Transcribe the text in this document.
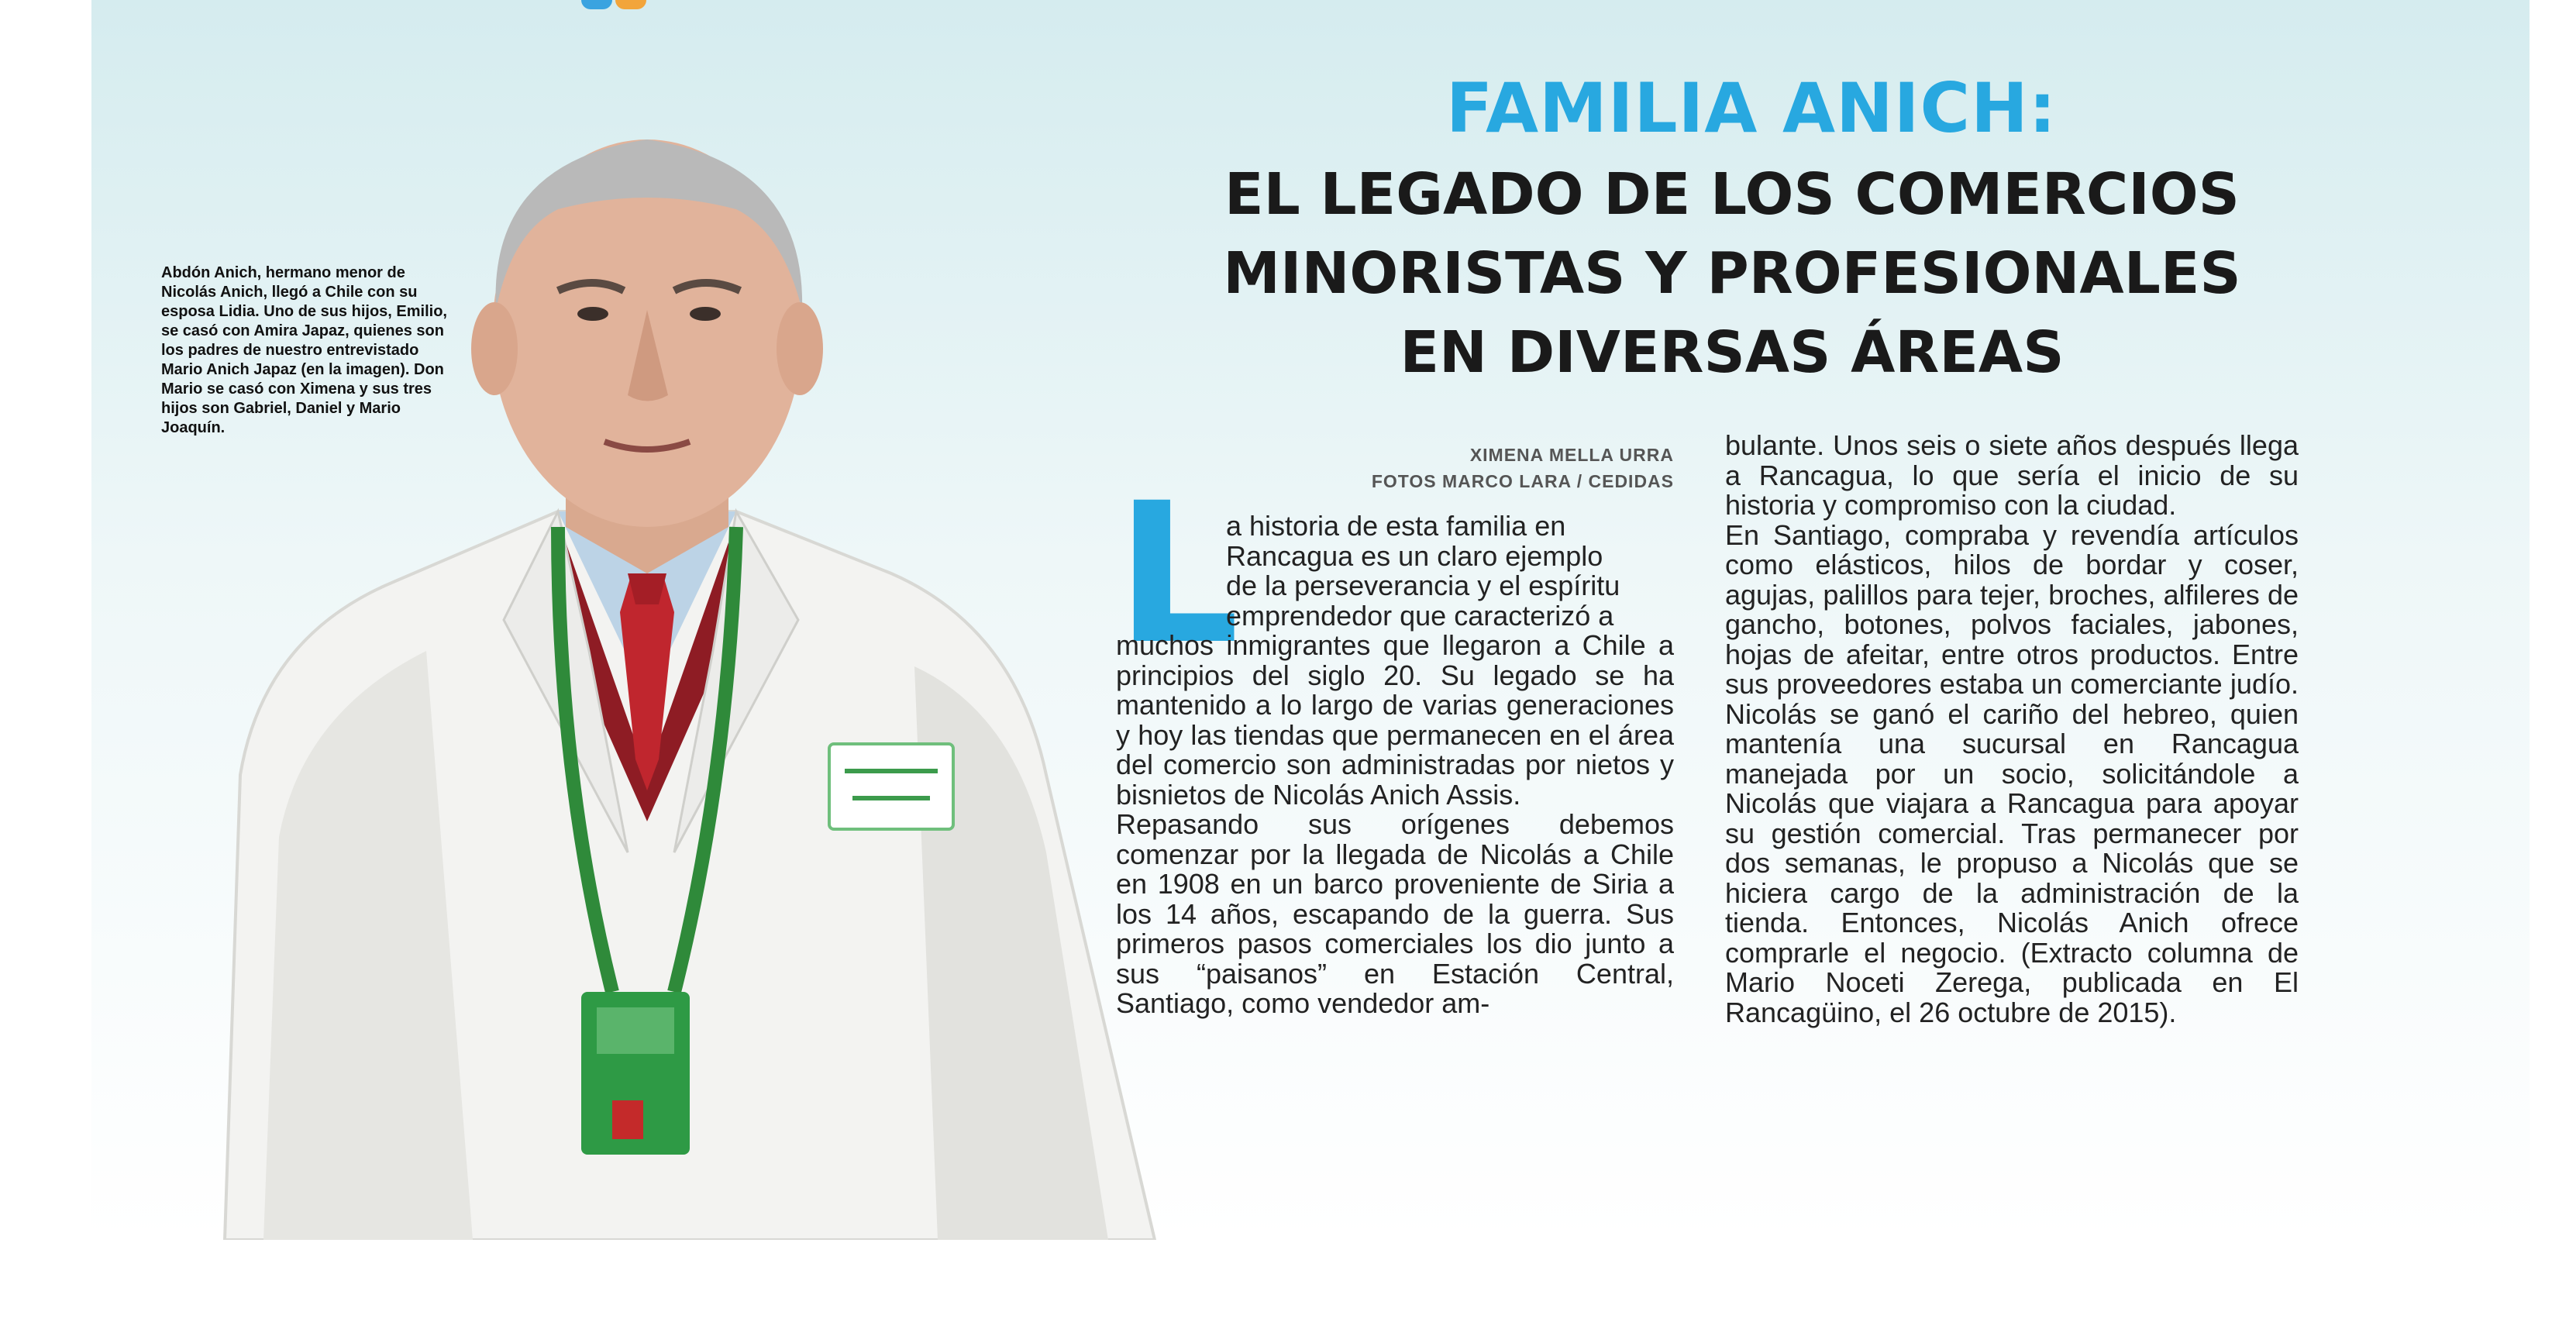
Abdón Anich, hermano menor de Nicolás Anich, llegó a Chile con su esposa Lidia. Uno de sus hijos, Emilio, se casó con Amira Japaz, quienes son los padres de nuestro entrevistado Mario Anich Japaz (en la imagen). Don Mario se casó con Ximena y sus tres hijos son Gabriel, Daniel y Mario Joaquín.
FAMILIA ANICH:
EL LEGADO DE LOS COMERCIOS
MINORISTAS Y PROFESIONALES
EN DIVERSAS ÁREAS
XIMENA MELLA URRA
FOTOS MARCO LARA / CEDIDAS
L
a historia de esta familia en
Rancagua es un claro ejemplo
de la perseverancia y el espíritu
emprendedor que caracterizó a

muchos inmigrantes que llegaron a Chile a principios del siglo 20. Su legado se ha mantenido a lo largo de varias generaciones y hoy las tiendas que permanecen en el área del comercio son administradas por nietos y bisnietos de Nicolás Anich Assis.

Repasando sus orígenes debemos comenzar por la llegada de Nicolás a Chile en 1908 en un barco proveniente de Siria a los 14 años, escapando de la guerra. Sus primeros pasos comerciales los dio junto a sus “paisanos” en Estación Central, Santiago, como vendedor am-

bulante. Unos seis o siete años después llega a Rancagua, lo que sería el inicio de su historia y compromiso con la ciudad.

En Santiago, compraba y revendía artículos como elásticos, hilos de bordar y coser, agujas, palillos para tejer, broches, alfileres de gancho, botones, polvos faciales, jabones, hojas de afeitar, entre otros productos. Entre sus proveedores estaba un comerciante judío. Nicolás se ganó el cariño del hebreo, quien mantenía una sucursal en Rancagua manejada por un socio, solicitándole a Nicolás que viajara a Rancagua para apoyar su gestión comercial. Tras permanecer por dos semanas, le propuso a Nicolás que se hiciera cargo de la administración de la tienda. Entonces, Nicolás Anich ofrece comprarle el negocio. (Extracto columna de Mario Noceti Zerega, publicada en El Rancagüino, el 26 octubre de 2015).
